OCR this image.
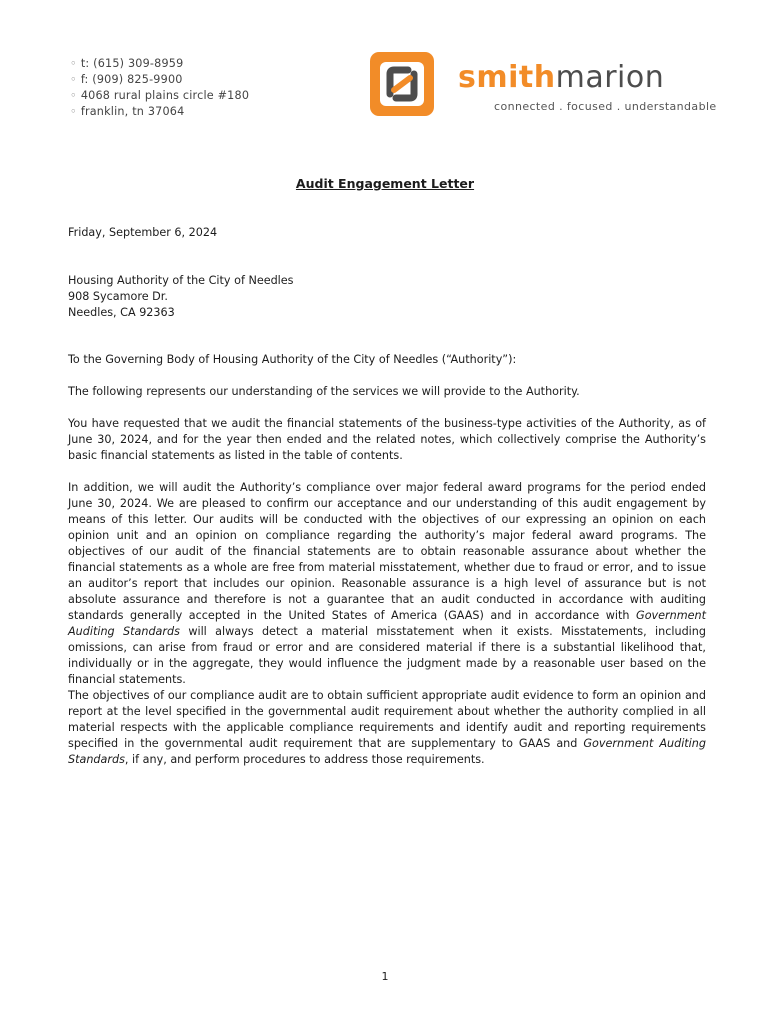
◦ t: (615) 309-8959
◦ f: (909) 825-9900
◦ 4068 rural plains circle #180
◦ franklin, tn 37064
smithmarion
connected . focused . understandable
Audit Engagement Letter

Friday, September 6, 2024

Housing Authority of the City of Needles

908 Sycamore Dr.

Needles, CA 92363

To the Governing Body of Housing Authority of the City of Needles (“Authority”):

The following represents our understanding of the services we will provide to the Authority.

You have requested that we audit the financial statements of the business-type activities of the Authority, as of June 30, 2024, and for the year then ended and the related notes, which collectively comprise the Authority’s basic financial statements as listed in the table of contents.

In addition, we will audit the Authority’s compliance over major federal award programs for the period ended June 30, 2024. We are pleased to confirm our acceptance and our understanding of this audit engagement by means of this letter. Our audits will be conducted with the objectives of our expressing an opinion on each opinion unit and an opinion on compliance regarding the authority’s major federal award programs. The objectives of our audit of the financial statements are to obtain reasonable assurance about whether the financial statements as a whole are free from material misstatement, whether due to fraud or error, and to issue an auditor’s report that includes our opinion. Reasonable assurance is a high level of assurance but is not absolute assurance and therefore is not a guarantee that an audit conducted in accordance with auditing standards generally accepted in the United States of America (GAAS) and in accordance with Government Auditing Standards will always detect a material misstatement when it exists. Misstatements, including omissions, can arise from fraud or error and are considered material if there is a substantial likelihood that, individually or in the aggregate, they would influence the judgment made by a reasonable user based on the financial statements.

The objectives of our compliance audit are to obtain sufficient appropriate audit evidence to form an opinion and report at the level specified in the governmental audit requirement about whether the authority complied in all material respects with the applicable compliance requirements and identify audit and reporting requirements specified in the governmental audit requirement that are supplementary to GAAS and Government Auditing Standards, if any, and perform procedures to address those requirements.

1
